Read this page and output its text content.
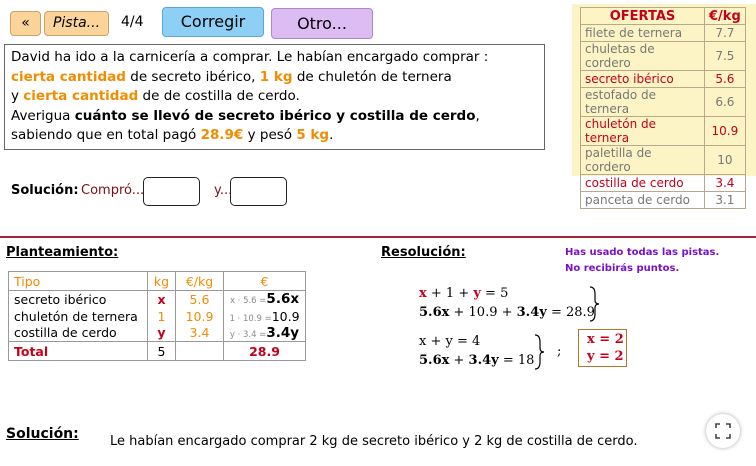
«	Pista...	4/4	Corregir	Otro...
David ha ido a la carnicería a comprar. Le habían encargado comprar :
cierta cantidad de secreto ibérico, 1 kg de chuletón de ternera
y cierta cantidad de de costilla de cerdo.
Averigua cuánto se llevó de secreto ibérico y costilla de cerdo,
sabiendo que en total pagó 28.9€ y pesó 5 kg.
OFERTAS	€/kg
filete de ternera	7.7
chuletas de cordero	7.5
secreto ibérico	5.6
estofado de ternera	6.6
chuletón de ternera	10.9
paletilla de cordero	10
costilla de cerdo	3.4
panceta de cerdo	3.1
Solución: Compró...	y...
Planteamiento:
Tipo	kg	€/kg	€
secreto ibérico	x	5.6	x · 5.6 =5.6x
chuletón de ternera	1	10.9	1 · 10.9 =10.9
costilla de cerdo	y	3.4	y · 3.4 =3.4y
Total	5		28.9
Resolución:	Has usado todas las pistas.
No recibirás puntos.
x + 1 + y = 5
5.6x + 10.9 + 3.4y = 28.9
x + y = 4
5.6x + 3.4y = 18
;
x = 2
y = 2
Solución: Le habían encargado comprar 2 kg de secreto ibérico y 2 kg de costilla de cerdo.
